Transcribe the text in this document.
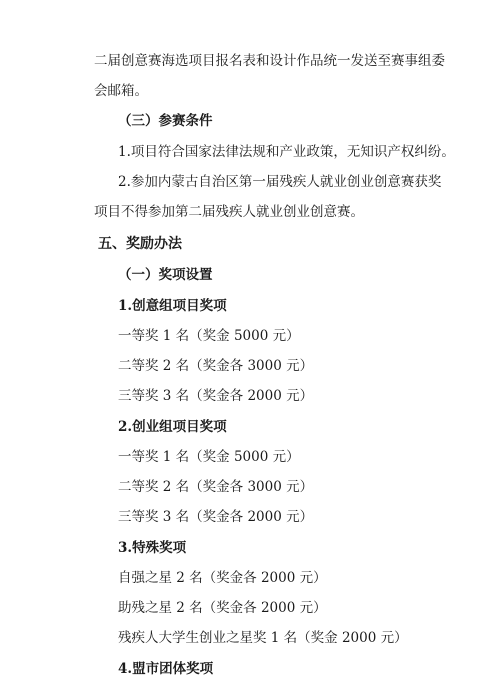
二届创意赛海选项目报名表和设计作品统一发送至赛事组委
会邮箱。
（三）参赛条件
1.项目符合国家法律法规和产业政策，无知识产权纠纷。
2.参加内蒙古自治区第一届残疾人就业创业创意赛获奖
项目不得参加第二届残疾人就业创业创意赛。
五、奖励办法
（一）奖项设置
1.创意组项目奖项
一等奖 1 名（奖金 5000 元）
二等奖 2 名（奖金各 3000 元）
三等奖 3 名（奖金各 2000 元）
2.创业组项目奖项
一等奖 1 名（奖金 5000 元）
二等奖 2 名（奖金各 3000 元）
三等奖 3 名（奖金各 2000 元）
3.特殊奖项
自强之星 2 名（奖金各 2000 元）
助残之星 2 名（奖金各 2000 元）
残疾人大学生创业之星奖 1 名（奖金 2000 元）
4.盟市团体奖项
